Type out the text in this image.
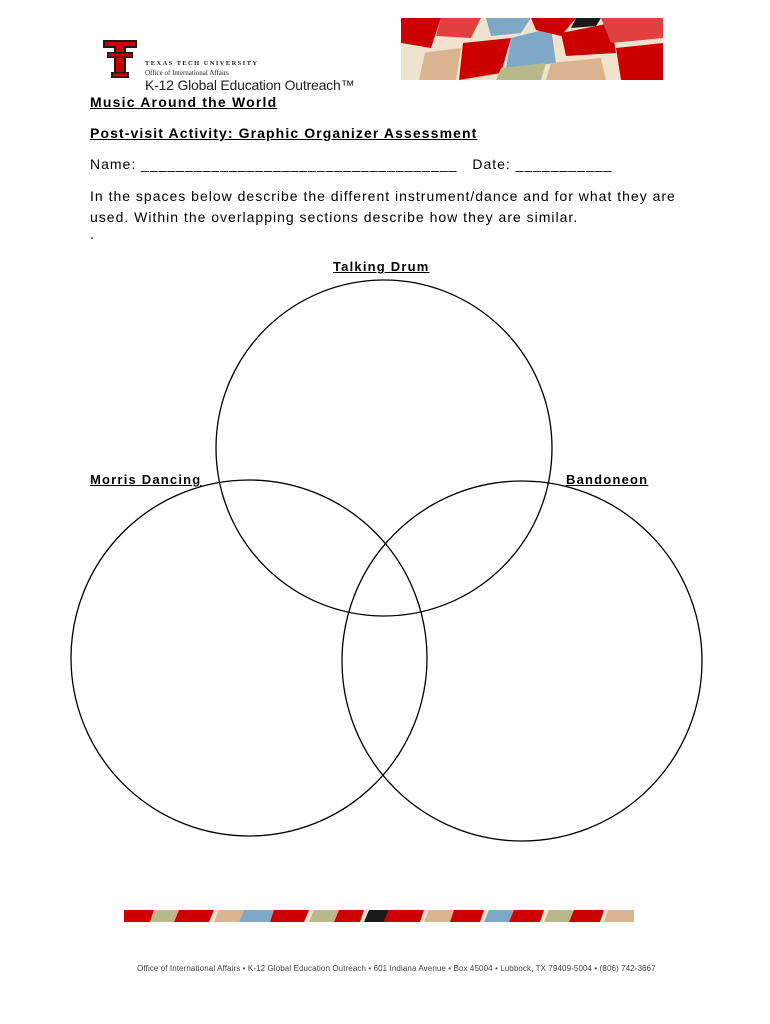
TEXAS TECH UNIVERSITY
Office of International Affairs
K-12 Global Education Outreach™
Music Around the World
Post-visit Activity: Graphic Organizer Assessment
Name: ____________________________________ Date: ___________
In the spaces below describe the different instrument/dance and for what they are used. Within the overlapping sections describe how they are similar.
.
Talking Drum
Morris Dancing	Bandoneon
Office of International Affairs • K-12 Global Education Outreach • 601 Indiana Avenue • Box 45004 • Lubbock, TX 79409-5004 • (806) 742-3667
